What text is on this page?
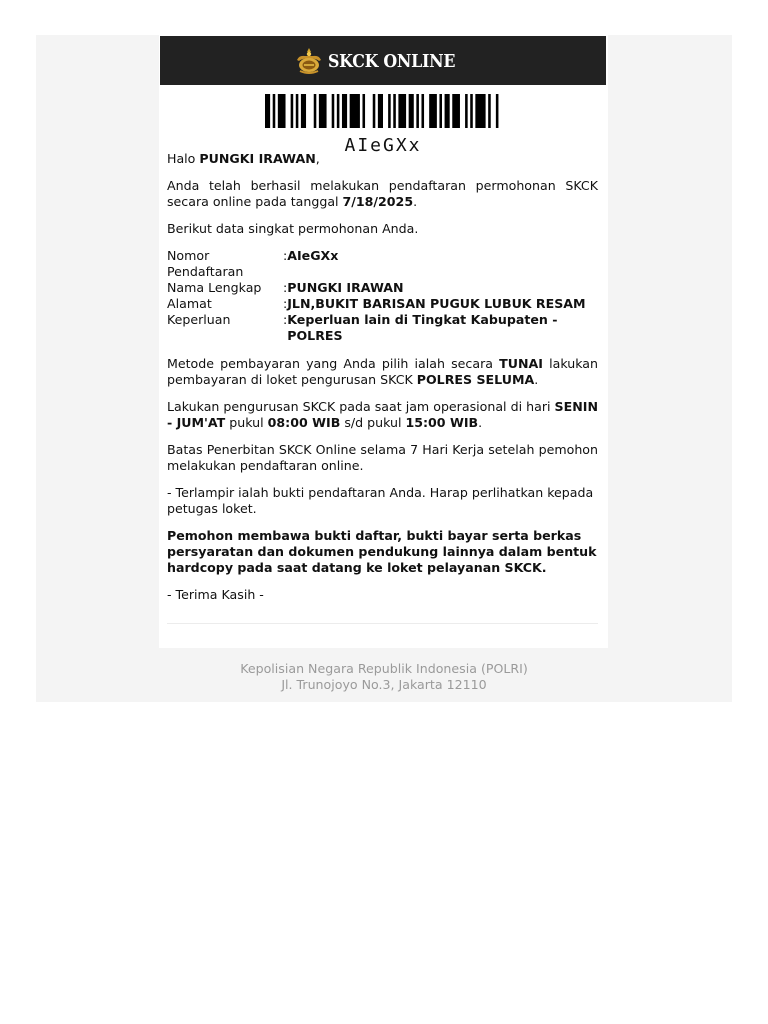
SKCK ONLINE
AIeGXx

Halo PUNGKI IRAWAN,

Anda telah berhasil melakukan pendaftaran permohonan SKCK secara online pada tanggal 7/18/2025.

Berikut data singkat permohonan Anda.

Nomor Pendaftaran	:	AIeGXx
Nama Lengkap	:	PUNGKI IRAWAN
Alamat	:	JLN,BUKIT BARISAN PUGUK LUBUK RESAM
Keperluan	:	Keperluan lain di Tingkat Kabupaten - POLRES

Metode pembayaran yang Anda pilih ialah secara TUNAI lakukan pembayaran di loket pengurusan SKCK POLRES SELUMA.

Lakukan pengurusan SKCK pada saat jam operasional di hari SENIN - JUM'AT pukul 08:00 WIB s/d pukul 15:00 WIB.

Batas Penerbitan SKCK Online selama 7 Hari Kerja setelah pemohon melakukan pendaftaran online.

- Terlampir ialah bukti pendaftaran Anda. Harap perlihatkan kepada petugas loket.

Pemohon membawa bukti daftar, bukti bayar serta berkas persyaratan dan dokumen pendukung lainnya dalam bentuk hardcopy pada saat datang ke loket pelayanan SKCK.

- Terima Kasih -

Kepolisian Negara Republik Indonesia (POLRI)
Jl. Trunojoyo No.3, Jakarta 12110
